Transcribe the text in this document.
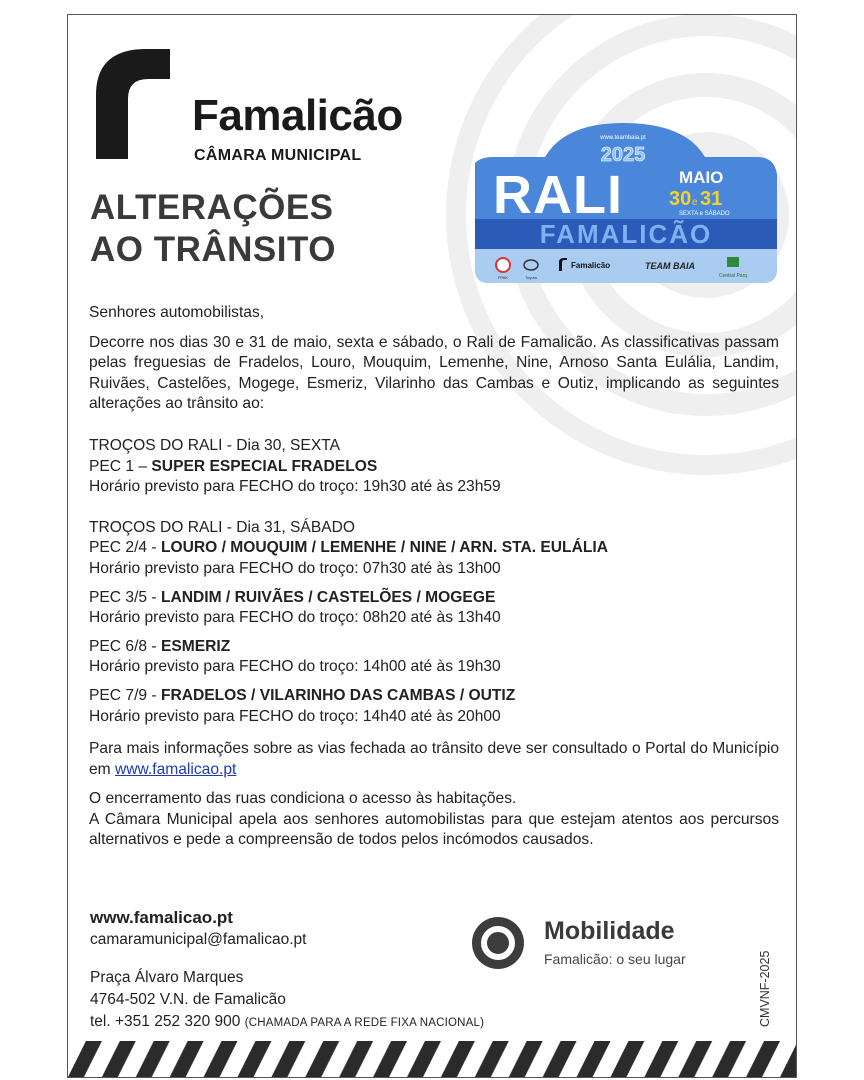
Famalicão
CÂMARA MUNICIPAL
ALTERAÇÕES
AO TRÂNSITO
www.teambaia.pt
2025
RALI	MAIO
30 e 31
SEXTA e SÁBADO
FAMALICÃO
FPAK	Toyota
Famalicão	TEAM BAIA
Central Parq

Senhores automobilistas,

Decorre nos dias 30 e 31 de maio, sexta e sábado, o Rali de Famalicão. As classificativas passam pelas freguesias de Fradelos, Louro, Mouquim, Lemenhe, Nine, Arnoso Santa Eulália, Landim, Ruivães, Castelões, Mogege, Esmeriz, Vilarinho das Cambas e Outiz, implicando as seguintes alterações ao trânsito ao:

TROÇOS DO RALI - Dia 30, SEXTA

PEC 1 – SUPER ESPECIAL FRADELOS

Horário previsto para FECHO do troço: 19h30 até às 23h59

TROÇOS DO RALI - Dia 31, SÁBADO

PEC 2/4 - LOURO / MOUQUIM / LEMENHE / NINE / ARN. STA. EULÁLIA

Horário previsto para FECHO do troço: 07h30 até às 13h00

PEC 3/5 - LANDIM / RUIVÃES / CASTELÕES / MOGEGE

Horário previsto para FECHO do troço: 08h20 até às 13h40

PEC 6/8 - ESMERIZ

Horário previsto para FECHO do troço: 14h00 até às 19h30

PEC 7/9 - FRADELOS / VILARINHO DAS CAMBAS / OUTIZ

Horário previsto para FECHO do troço: 14h40 até às 20h00

Para mais informações sobre as vias fechada ao trânsito deve ser consultado o Portal do Município em www.famalicao.pt

O encerramento das ruas condiciona o acesso às habitações.

A Câmara Municipal apela aos senhores automobilistas para que estejam atentos aos percursos alternativos e pede a compreensão de todos pelos incómodos causados.

www.famalicao.pt

camaramunicipal@famalicao.pt

Praça Álvaro Marques

4764-502 V.N. de Famalicão

tel. +351 252 320 900 (CHAMADA PARA A REDE FIXA NACIONAL)

Mobilidade
Famalicão: o seu lugar	CMVNF-2025
